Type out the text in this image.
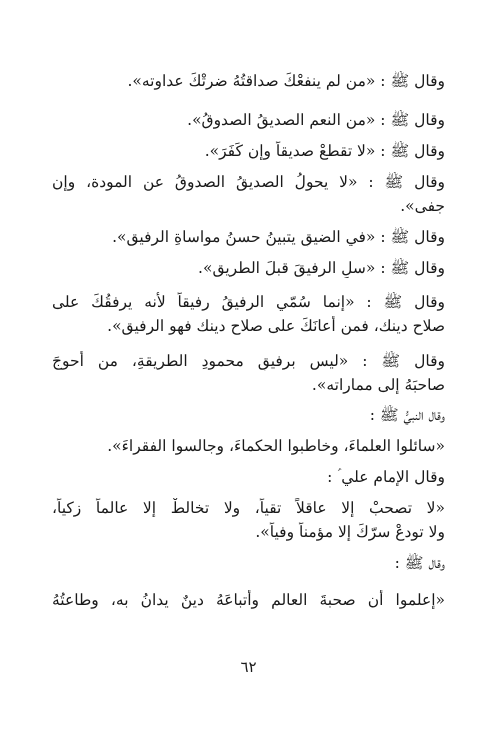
وقال ﷺ : «من لم ينفعْكَ صداقتُهُ ضرتْكَ عداوته».
وقال ﷺ : «من النعم الصديقُ الصدوقُ».
وقال ﷺ : «لا تقطعْ صديقاً وإن كَفَرَ».
وقال ﷺ : «لا يحولُ الصديقُ الصدوقُ عن المودة، وإن
جفى».
وقال ﷺ : «في الضيقِ يتبينُ حسنُ مواساةِ الرفيق».
وقال ﷺ : «سلِ الرفيقَ قبلَ الطريق».
وقال ﷺ : «إنما سُمّي الرفيقُ رفيقاً لأنه يرفقُكَ على
صلاح دينك، فمن أعانَكَ على صلاح دينك فهو الرفيق».
وقال ﷺ : «ليس برفيقٍ محمودِ الطريقةِ، من أحوجَ
صاحبَهُ إلى مماراته».
وقال النبيُّ ﷺ :
«سائلوا العلماءَ، وخاطبوا الحكماءَ، وجالسوا الفقراءَ».
وقال الإمام علي ؑ :
«لا تصحبْ إلا عاقلاً تقياً، ولا تخالطْ إلا عالماً زكياً،
ولا تودعْ سرّكَ إلا مؤمناً وفياً».
وقال ﷺ :
«إعلموا أن صحبةَ العالمِ وأتباعَهُ دينٌ يدانُ به، وطاعتُهُ
٦٢
